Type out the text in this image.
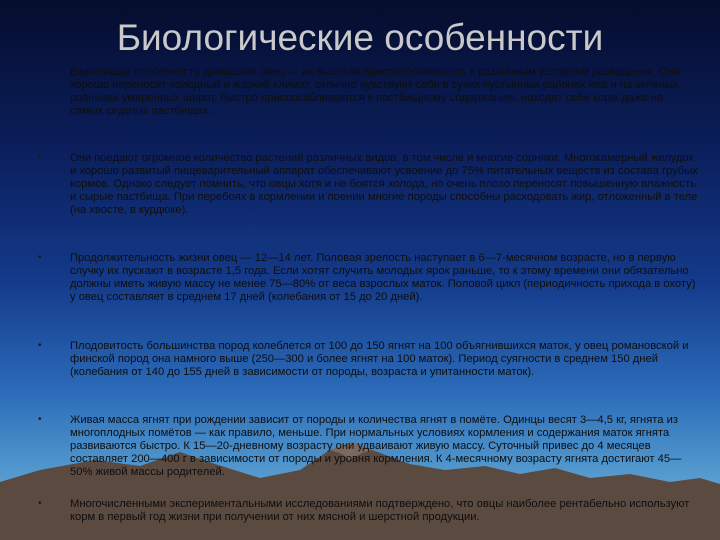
Биологические особенности
•	Важнейшая особенность домашних овец — их высокая приспособляемость к различным условиям разведения. Они хорошо переносят холодный и жаркий климат, отлично чувствуют себя в сухих пустынных районах юга и на зелёных равнинах умеренных широт, быстро приспосабливаются к пастбищному содержанию, находят себе корм даже на самых скудных пастбищах.

•	Они поедают огромное количество растений различных видов, в том числе и многие сорняки. Многокамерный желудок и хорошо развитый пищеварительный аппарат обеспечивают усвоение до 75% питательных веществ из состава грубых кормов. Однако следует помнить, что овцы хотя и не боятся холода, но очень плохо переносят повышенную влажность и сырые пастбища. При перебоях в кормлении и поении многие породы способны расходовать жир, отложенный в теле (на хвосте, в курдюке).

•	Продолжительность жизни овец — 12—14 лет. Половая зрелость наступает в 6—7-месячном возрасте, но в первую случку их пускают в возрасте 1,5 года. Если хотят случить молодых ярок раньше, то к этому времени они обязательно должны иметь живую массу не менее 75—80% от веса взрослых маток. Половой цикл (периодичность прихода в охоту) у овец составляет в среднем 17 дней (колебания от 15 до 20 дней).

•	Плодовитость большинства пород колеблется от 100 до 150 ягнят на 100 объягнившихся маток, у овец романовской и финской пород она намного выше (250—300 и более ягнят на 100 маток). Период суягности в среднем 150 дней (колебания от 140 до 155 дней в зависимости от породы, возраста и упитанности маток).

•	Живая масса ягнят при рождении зависит от породы и количества ягнят в помёте. Одинцы весят 3—4,5 кг, ягнята из многоплодных помётов — как правило, меньше. При нормальных условиях кормления и содержания маток ягнята развиваются быстро. К 15—20-дневному возрасту они удваивают живую массу. Суточный привес до 4 месяцев составляет 200—400 г в зависимости от породы и уровня кормления. К 4-месячному возрасту ягнята достигают 45— 50% живой массы родителей.

•	Многочисленными экспериментальными исследованиями подтверждено, что овцы наиболее рентабельно используют корм в первый год жизни при получении от них мясной и шерстной продукции.
